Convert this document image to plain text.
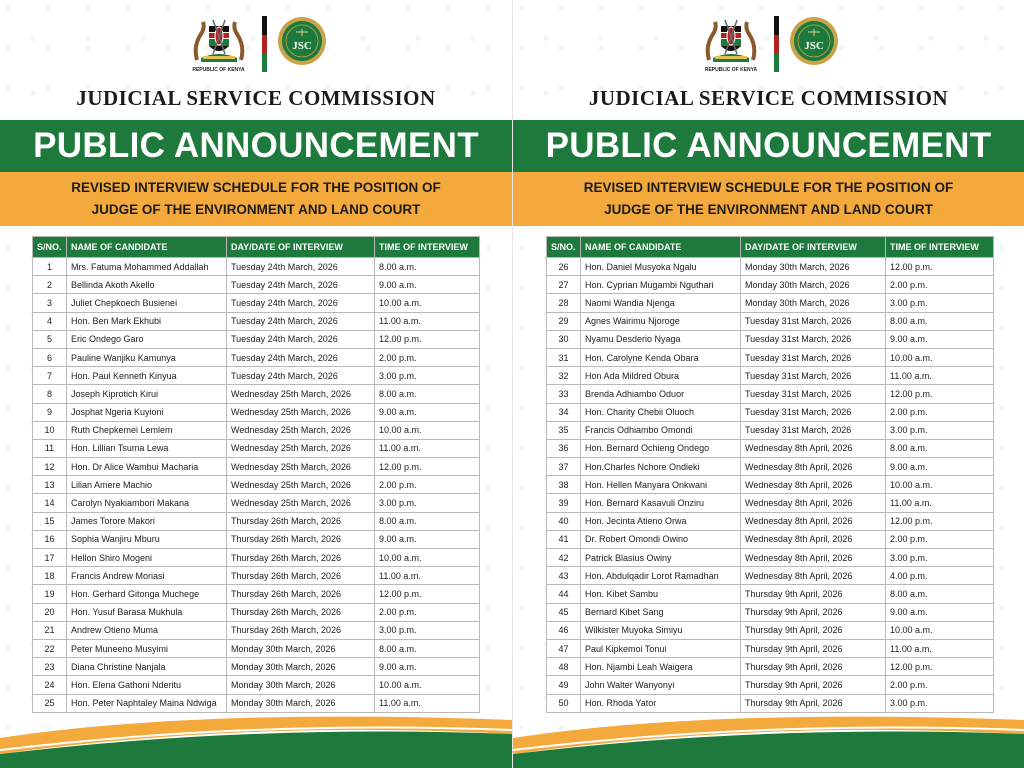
REPUBLIC OF KENYA
JSC
JUDICIAL SERVICE COMMISSION
PUBLIC ANNOUNCEMENT
REVISED INTERVIEW SCHEDULE FOR THE POSITION OF
JUDGE OF THE ENVIRONMENT AND LAND COURT
S/NO.	NAME OF CANDIDATE	DAY/DATE OF INTERVIEW	TIME OF INTERVIEW
1	Mrs. Fatuma Mohammed Addallah	Tuesday 24th March, 2026	8.00 a.m.
2	Bellinda Akoth Akello	Tuesday 24th March, 2026	9.00 a.m.
3	Juliet Chepkoech Busienei	Tuesday 24th March, 2026	10.00 a.m.
4	Hon. Ben Mark Ekhubi	Tuesday 24th March, 2026	11.00 a.m.
5	Eric Ondego Garo	Tuesday 24th March, 2026	12.00 p.m.
6	Pauline Wanjiku Kamunya	Tuesday 24th March, 2026	2.00 p.m.
7	Hon. Paul Kenneth Kinyua	Tuesday 24th March, 2026	3.00 p.m.
8	Joseph Kiprotich Kirui	Wednesday 25th March, 2026	8.00 a.m.
9	Josphat Ngeria Kuyioni	Wednesday 25th March, 2026	9.00 a.m.
10	Ruth Chepkemei Lemlem	Wednesday 25th March, 2026	10.00 a.m.
11	Hon. Lillian Tsuma Lewa	Wednesday 25th March, 2026	11.00 a.m.
12	Hon. Dr Alice Wambui Macharia	Wednesday 25th March, 2026	12.00 p.m.
13	Lilian Amere Machio	Wednesday 25th March, 2026	2.00 p.m.
14	Carolyn Nyakiambori Makana	Wednesday 25th March, 2026	3.00 p.m.
15	James Torore Makori	Thursday 26th March, 2026	8.00 a.m.
16	Sophia Wanjiru Mburu	Thursday 26th March, 2026	9.00 a.m.
17	Hellon Shiro Mogeni	Thursday 26th March, 2026	10.00 a.m.
18	Francis Andrew Moriasi	Thursday 26th March, 2026	11.00 a.m.
19	Hon. Gerhard Gitonga Muchege	Thursday 26th March, 2026	12.00 p.m.
20	Hon. Yusuf Barasa Mukhula	Thursday 26th March, 2026	2.00 p.m.
21	Andrew Otieno Muma	Thursday 26th March, 2026	3.00 p.m.
22	Peter Muneeno Musyimi	Monday 30th March, 2026	8.00 a.m.
23	Diana Christine Nanjala	Monday 30th March, 2026	9.00 a.m.
24	Hon. Elena Gathoni Nderitu	Monday 30th March, 2026	10.00 a.m.
25	Hon. Peter Naphtaley Maina Ndwiga	Monday 30th March, 2026	11.00 a.m.
REPUBLIC OF KENYA
JSC
JUDICIAL SERVICE COMMISSION
PUBLIC ANNOUNCEMENT
REVISED INTERVIEW SCHEDULE FOR THE POSITION OF
JUDGE OF THE ENVIRONMENT AND LAND COURT
S/NO.	NAME OF CANDIDATE	DAY/DATE OF INTERVIEW	TIME OF INTERVIEW
26	Hon. Daniel Musyoka Ngalu	Monday 30th March, 2026	12.00 p.m.
27	Hon. Cyprian Mugambi Nguthari	Monday 30th March, 2026	2.00 p.m.
28	Naomi Wandia Njenga	Monday 30th March, 2026	3.00 p.m.
29	Agnes Wairimu Njoroge	Tuesday 31st March, 2026	8.00 a.m.
30	Nyamu Desderio Nyaga	Tuesday 31st March, 2026	9.00 a.m.
31	Hon. Carolyne Kenda Obara	Tuesday 31st March, 2026	10.00 a.m.
32	Hon Ada Mildred Obura	Tuesday 31st March, 2026	11.00 a.m.
33	Brenda Adhiambo Oduor	Tuesday 31st March, 2026	12.00 p.m.
34	Hon. Charity Chebii Oluoch	Tuesday 31st March, 2026	2.00 p.m.
35	Francis Odhiambo Omondi	Tuesday 31st March, 2026	3.00 p.m.
36	Hon. Bernard Ochieng Ondego	Wednesday 8th April, 2026	8.00 a.m.
37	Hon.Charles Nchore Ondieki	Wednesday 8th April, 2026	9.00 a.m.
38	Hon. Hellen Manyara Onkwani	Wednesday 8th April, 2026	10.00 a.m.
39	Hon. Bernard Kasavuli Onziru	Wednesday 8th April, 2026	11.00 a.m.
40	Hon. Jecinta Atieno Orwa	Wednesday 8th April, 2026	12.00 p.m.
41	Dr. Robert Omondi Owino	Wednesday 8th April, 2026	2.00 p.m.
42	Patrick Blasius Owiny	Wednesday 8th April, 2026	3.00 p.m.
43	Hon. Abdulqadir Lorot Ramadhan	Wednesday 8th April, 2026	4.00 p.m.
44	Hon. Kibet Sambu	Thursday 9th April, 2026	8.00 a.m.
45	Bernard Kibet Sang	Thursday 9th April, 2026	9.00 a.m.
46	Wilkister Muyoka Simiyu	Thursday 9th April, 2026	10.00 a.m.
47	Paul Kipkemoi Tonui	Thursday 9th April, 2026	11.00 a.m.
48	Hon. Njambi Leah Waigera	Thursday 9th April, 2026	12.00 p.m.
49	John Walter Wanyonyi	Thursday 9th April, 2026	2.00 p.m.
50	Hon. Rhoda Yator	Thursday 9th April, 2026	3.00 p.m.
